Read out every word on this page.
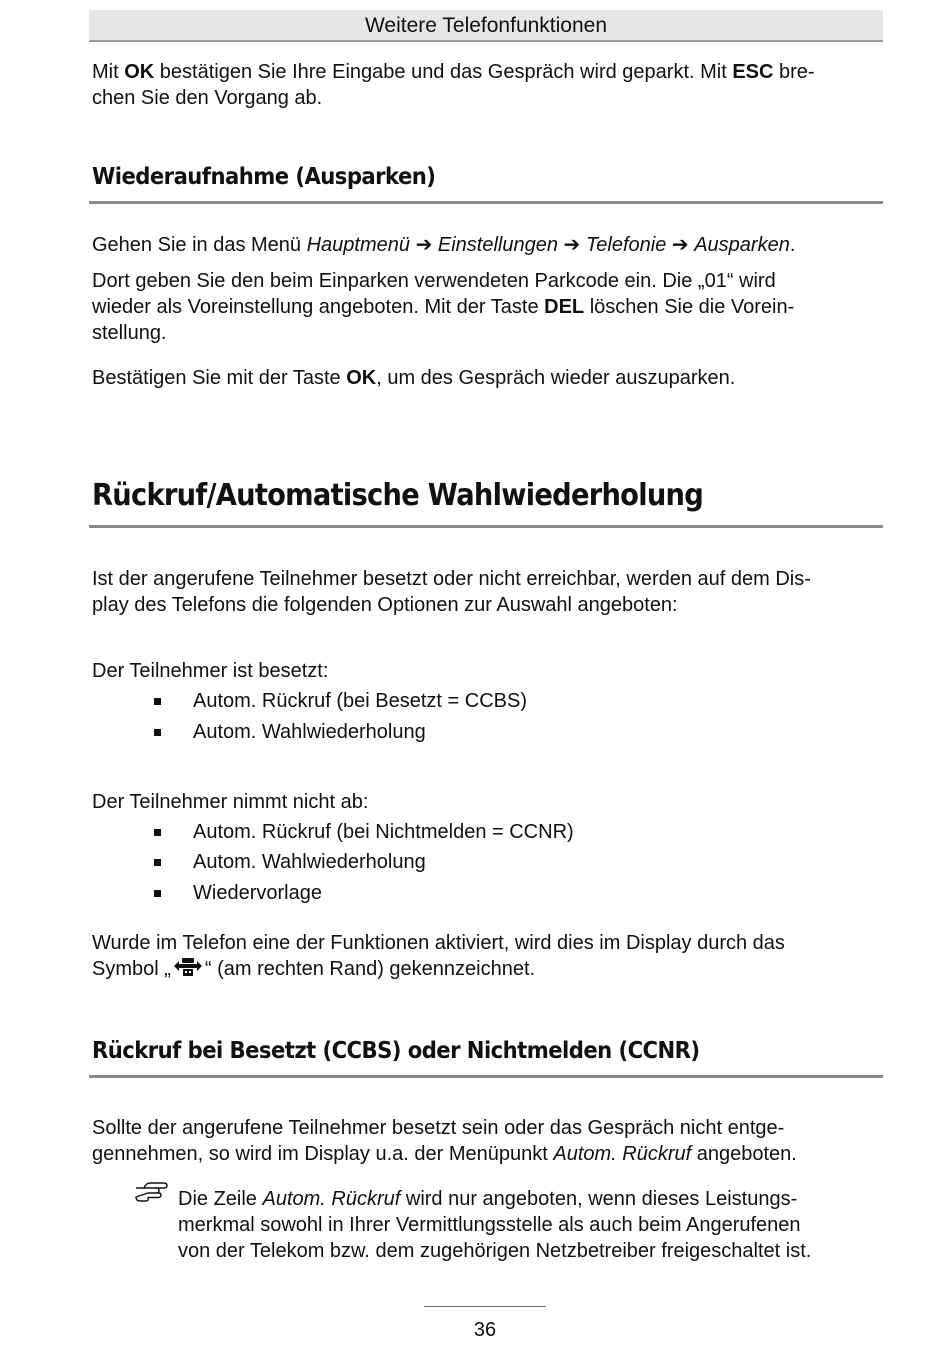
Weitere Telefonfunktionen

Mit OK bestätigen Sie Ihre Eingabe und das Gespräch wird geparkt. Mit ESC bre-
chen Sie den Vorgang ab.

Wiederaufnahme (Ausparken)

Gehen Sie in das Menü Hauptmenü ➔ Einstellungen ➔ Telefonie ➔ Ausparken.

Dort geben Sie den beim Einparken verwendeten Parkcode ein. Die „01“ wird
wieder als Voreinstellung angeboten. Mit der Taste DEL löschen Sie die Vorein-
stellung.

Bestätigen Sie mit der Taste OK, um des Gespräch wieder auszuparken.

Rückruf/Automatische Wahlwiederholung

Ist der angerufene Teilnehmer besetzt oder nicht erreichbar, werden auf dem Dis-
play des Telefons die folgenden Optionen zur Auswahl angeboten:

Der Teilnehmer ist besetzt:

Autom. Rückruf (bei Besetzt = CCBS)
Autom. Wahlwiederholung

Der Teilnehmer nimmt nicht ab:

Autom. Rückruf (bei Nichtmelden = CCNR)
Autom. Wahlwiederholung
Wiedervorlage

Wurde im Telefon eine der Funktionen aktiviert, wird dies im Display durch das
Symbol „ “ (am rechten Rand) gekennzeichnet.

Rückruf bei Besetzt (CCBS) oder Nichtmelden (CCNR)

Sollte der angerufene Teilnehmer besetzt sein oder das Gespräch nicht entge-
gennehmen, so wird im Display u.a. der Menüpunkt Autom. Rückruf angeboten.

Die Zeile Autom. Rückruf wird nur angeboten, wenn dieses Leistungs-
merkmal sowohl in Ihrer Vermittlungsstelle als auch beim Angerufenen
von der Telekom bzw. dem zugehörigen Netzbetreiber freigeschaltet ist.

36
